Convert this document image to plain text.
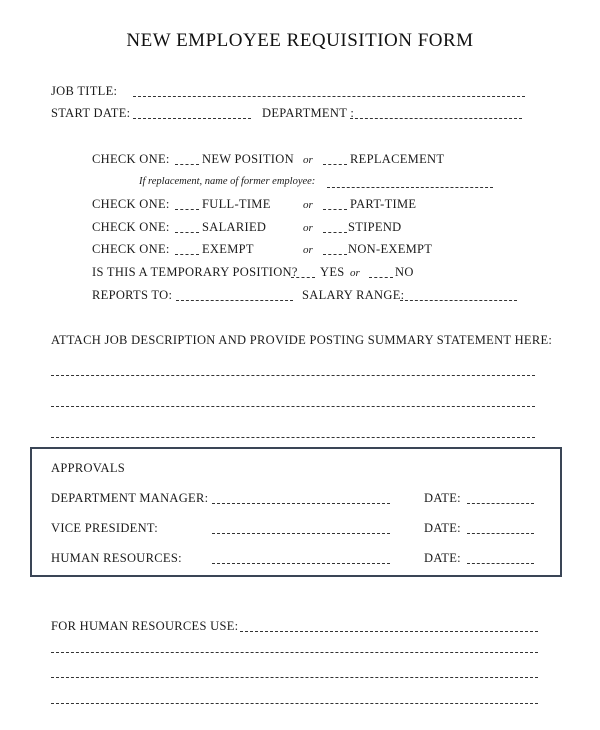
NEW EMPLOYEE REQUISITION FORM
JOB TITLE:
START DATE:	DEPARTMENT :
CHECK ONE:	NEW POSITION or	REPLACEMENT
If replacement, name of former employee:
CHECK ONE:	FULL-TIME	or	PART-TIME
CHECK ONE:	SALARIED	or	STIPEND
CHECK ONE:	EXEMPT	or	NON-EXEMPT
IS THIS A TEMPORARY POSITION? YES or	NO
REPORTS TO:	SALARY RANGE:
ATTACH JOB DESCRIPTION AND PROVIDE POSTING SUMMARY STATEMENT HERE:
APPROVALS
DEPARTMENT MANAGER:	DATE:
VICE PRESIDENT:	DATE:
HUMAN RESOURCES:	DATE:
FOR HUMAN RESOURCES USE:
